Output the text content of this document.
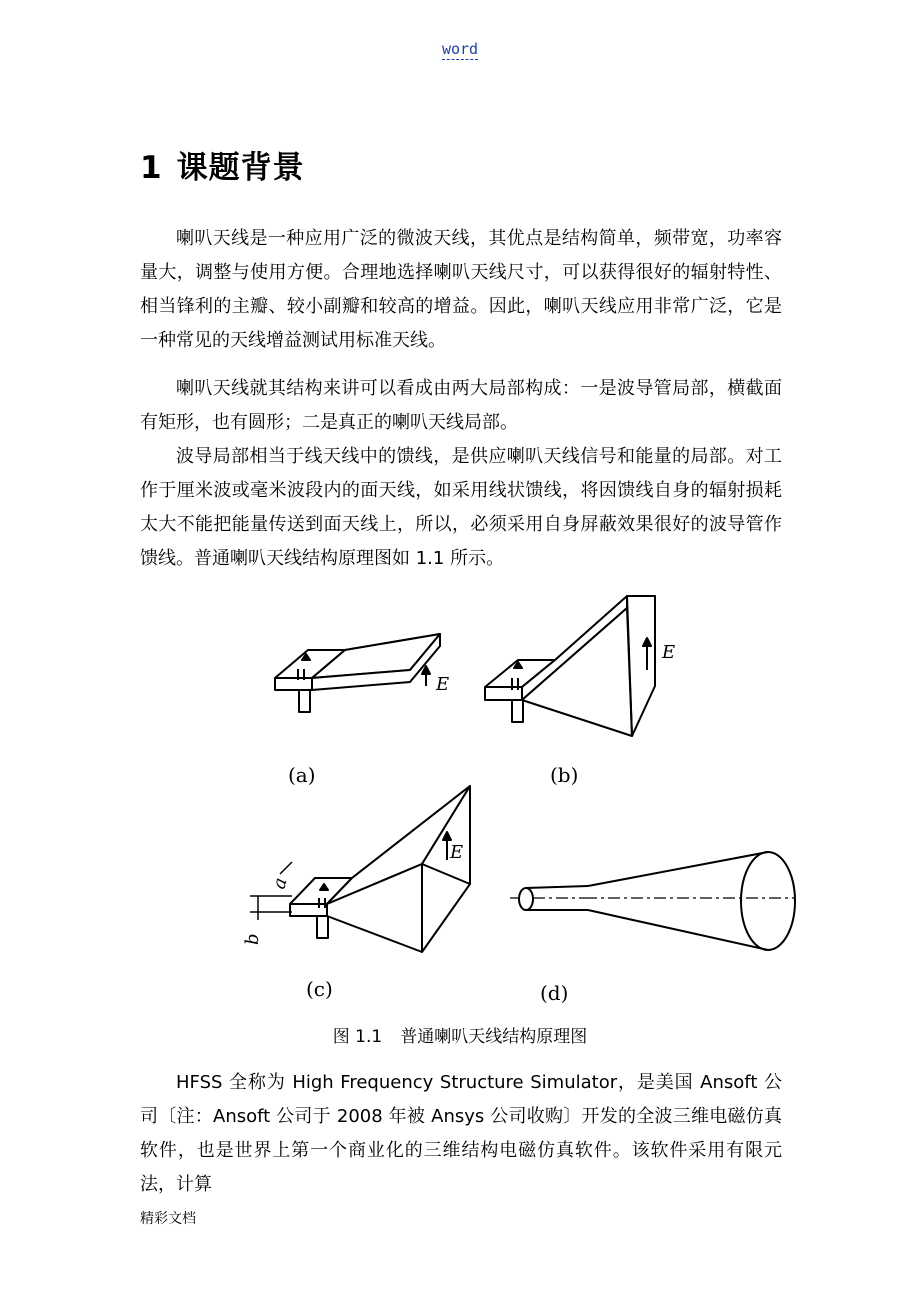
word
1 课题背景

喇叭天线是一种应用广泛的微波天线，其优点是结构简单，频带宽，功率容量大，调整与使用方便。合理地选择喇叭天线尺寸，可以获得很好的辐射特性、相当锋利的主瓣、较小副瓣和较高的增益。因此，喇叭天线应用非常广泛，它是一种常见的天线增益测试用标准天线。

喇叭天线就其结构来讲可以看成由两大局部构成：一是波导管局部，横截面有矩形，也有圆形；二是真正的喇叭天线局部。

波导局部相当于线天线中的馈线，是供应喇叭天线信号和能量的局部。对工作于厘米波或毫米波段内的面天线，如采用线状馈线，将因馈线自身的辐射损耗太大不能把能量传送到面天线上，所以，必须采用自身屏蔽效果很好的波导管作馈线。普通喇叭天线结构原理图如 1.1 所示。

E
(a)
E
(b)
E
b
a
(c)	(d)
图 1.1 普通喇叭天线结构原理图

HFSS 全称为 High Frequency Structure Simulator，是美国 Ansoft 公司〔注：Ansoft 公司于 2008 年被 Ansys 公司收购〕开发的全波三维电磁仿真软件，也是世界上第一个商业化的三维结构电磁仿真软件。该软件采用有限元法，计算

精彩文档
